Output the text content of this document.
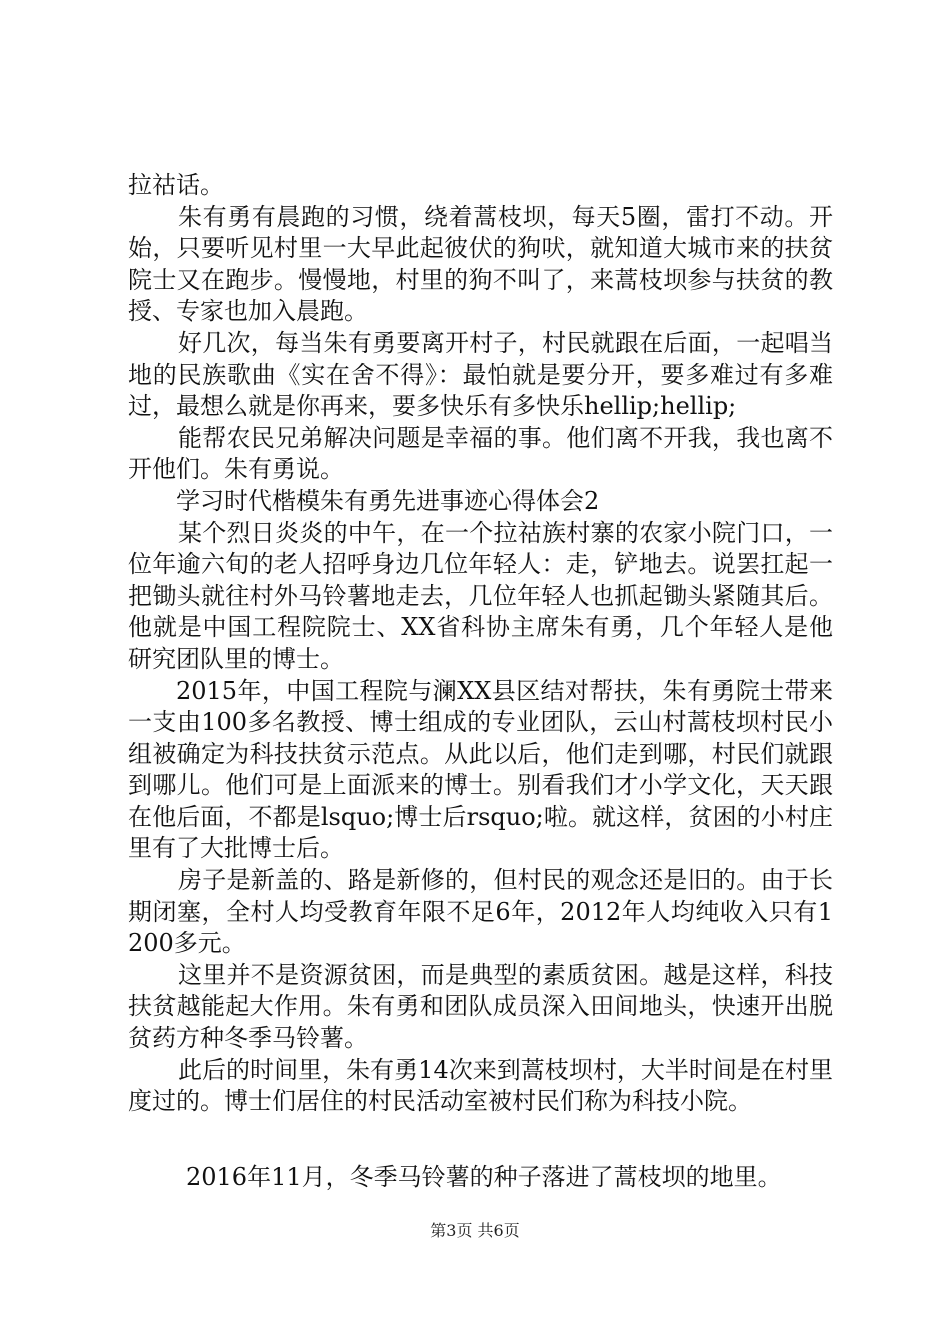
拉祜话。

朱有勇有晨跑的习惯，绕着蒿枝坝，每天5圈，雷打不动。开始，只要听见村里一大早此起彼伏的狗吠，就知道大城市来的扶贫院士又在跑步。慢慢地，村里的狗不叫了，来蒿枝坝参与扶贫的教授、专家也加入晨跑。

好几次，每当朱有勇要离开村子，村民就跟在后面，一起唱当地的民族歌曲《实在舍不得》：最怕就是要分开，要多难过有多难过，最想么就是你再来，要多快乐有多快乐hellip;hellip;

能帮农民兄弟解决问题是幸福的事。他们离不开我，我也离不开他们。朱有勇说。

学习时代楷模朱有勇先进事迹心得体会2

某个烈日炎炎的中午，在一个拉祜族村寨的农家小院门口，一位年逾六旬的老人招呼身边几位年轻人：走，铲地去。说罢扛起一把锄头就往村外马铃薯地走去，几位年轻人也抓起锄头紧随其后。他就是中国工程院院士、XX省科协主席朱有勇，几个年轻人是他研究团队里的博士。

2015年，中国工程院与澜XX县区结对帮扶，朱有勇院士带来一支由100多名教授、博士组成的专业团队，云山村蒿枝坝村民小组被确定为科技扶贫示范点。从此以后，他们走到哪，村民们就跟到哪儿。他们可是上面派来的博士。别看我们才小学文化，天天跟在他后面，不都是lsquo;博士后rsquo;啦。就这样，贫困的小村庄里有了大批博士后。

房子是新盖的、路是新修的，但村民的观念还是旧的。由于长期闭塞，全村人均受教育年限不足6年，2012年人均纯收入只有1200多元。

这里并不是资源贫困，而是典型的素质贫困。越是这样，科技扶贫越能起大作用。朱有勇和团队成员深入田间地头，快速开出脱贫药方种冬季马铃薯。

此后的时间里，朱有勇14次来到蒿枝坝村，大半时间是在村里度过的。博士们居住的村民活动室被村民们称为科技小院。

2016年11月，冬季马铃薯的种子落进了蒿枝坝的地里。

第3页 共6页
